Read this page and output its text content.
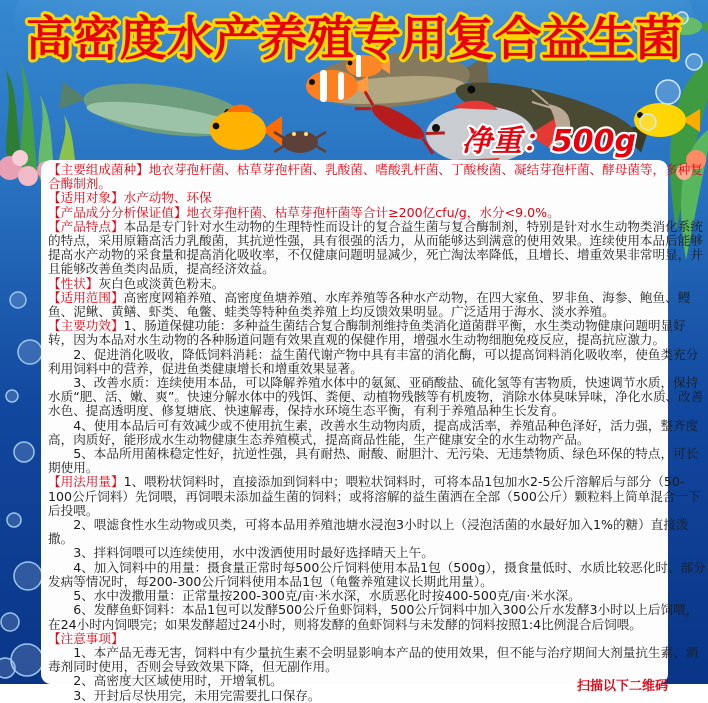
高密度水产养殖专用复合益生菌
净重：500g

【主要组成菌种】地衣芽孢杆菌、枯草芽孢杆菌、乳酸菌、嗜酸乳杆菌、丁酸梭菌、凝结芽孢杆菌、酵母菌等，多种复合酶制剂。

【适用对象】水产动物、环保

【产品成分分析保证值】地衣芽孢杆菌、枯草芽孢杆菌等合计≥200亿cfu/g，水分<9.0%。

【产品特点】本品是专门针对水生动物的生理特性而设计的复合益生菌与复合酶制剂，特别是针对水生动物类消化系统的特点，采用原籍高活力乳酸菌，其抗逆性强，具有很强的活力，从而能够达到满意的使用效果。连续使用本品后能够提高水产动物的采食量和提高消化吸收率，不仅健康问题明显减少，死亡淘汰率降低，且增长、增重效果非常明显，并且能够改善鱼类肉品质，提高经济效益。

【性状】灰白色或淡黄色粉末。

【适用范围】高密度网箱养殖、高密度鱼塘养殖、水库养殖等各种水产动物，在四大家鱼、罗非鱼、海参、鲍鱼、鳗鱼、泥鳅、黄鳝、虾类、龟鳖、蛙类等特种鱼类养殖上均反馈效果明显。广泛适用于海水、淡水养殖。

【主要功效】1、肠道保健功能：多种益生菌结合复合酶制剂维持鱼类消化道菌群平衡，水生类动物健康问题明显好转，因为本品对水生动物的各种肠道问题有效果直观的保健作用，增强水生动物细胞免疫反应，提高抗应激力。

2、促进消化吸收，降低饲料消耗：益生菌代谢产物中具有丰富的消化酶，可以提高饲料消化吸收率，使鱼类充分利用饲料中的营养，促进鱼类健康增长和增重效果显著。

3、改善水质：连续使用本品，可以降解养殖水体中的氨氮、亚硝酸盐、硫化氢等有害物质，快速调节水质，保持水质“肥、活、嫩、爽”。快速分解水体中的残饵、粪便、动植物残骸等有机废物，消除水体臭味异味，净化水质、改善水色、提高透明度、修复塘底、快速解毒，保持水环境生态平衡，有利于养殖品种生长发育。

4、使用本品后可有效减少或不使用抗生素，改善水生动物肉质，提高成活率，养殖品种色泽好，活力强，整齐度高，肉质好，能形成水生动物健康生态养殖模式，提高商品性能，生产健康安全的水生动物产品。

5、本品所用菌株稳定性好，抗逆性强，具有耐热、耐酸、耐胆汁、无污染、无违禁物质、绿色环保的特点，可长期使用。

【用法用量】1、喂粉状饲料时，直接添加到饲料中；喂粒状饲料时，可将本品1包加水2-5公斤溶解后与部分（50-100公斤饲料）先饲喂，再饲喂未添加益生菌的饲料；或将溶解的益生菌洒在全部（500公斤）颗粒料上简单混合一下后投喂。

2、喂滤食性水生动物或贝类，可将本品用养殖池塘水浸泡3小时以上（浸泡活菌的水最好加入1%的糖）直接泼撒。

3、拌料饲喂可以连续使用，水中泼洒使用时最好选择晴天上午。

4、加入饲料中的用量：摄食量正常时每500公斤饲料使用本品1包（500g），摄食量低时、水质比较恶化时、部分发病等情况时，每200-300公斤饲料使用本品1包（龟鳖养殖建议长期此用量）。

5、水中泼撒用量：正常量按200-300克/亩·米水深，水质恶化时按400-500克/亩·米水深。

6、发酵鱼虾饲料：本品1包可以发酵500公斤鱼虾饲料，500公斤饲料中加入300公斤水发酵3小时以上后饲喂，在24小时内饲喂完；如果发酵超过24小时，则将发酵的鱼虾饲料与未发酵的饲料按照1:4比例混合后饲喂。

【注意事项】

1、本产品无毒无害，饲料中有少量抗生素不会明显影响本产品的使用效果，但不能与治疗期间大剂量抗生素、消毒剂同时使用，否则会导致效果下降，但无副作用。

2、高密度大区域使用时，开增氧机。

3、开封后尽快用完，未用完需要扎口保存。

扫描以下二维码
